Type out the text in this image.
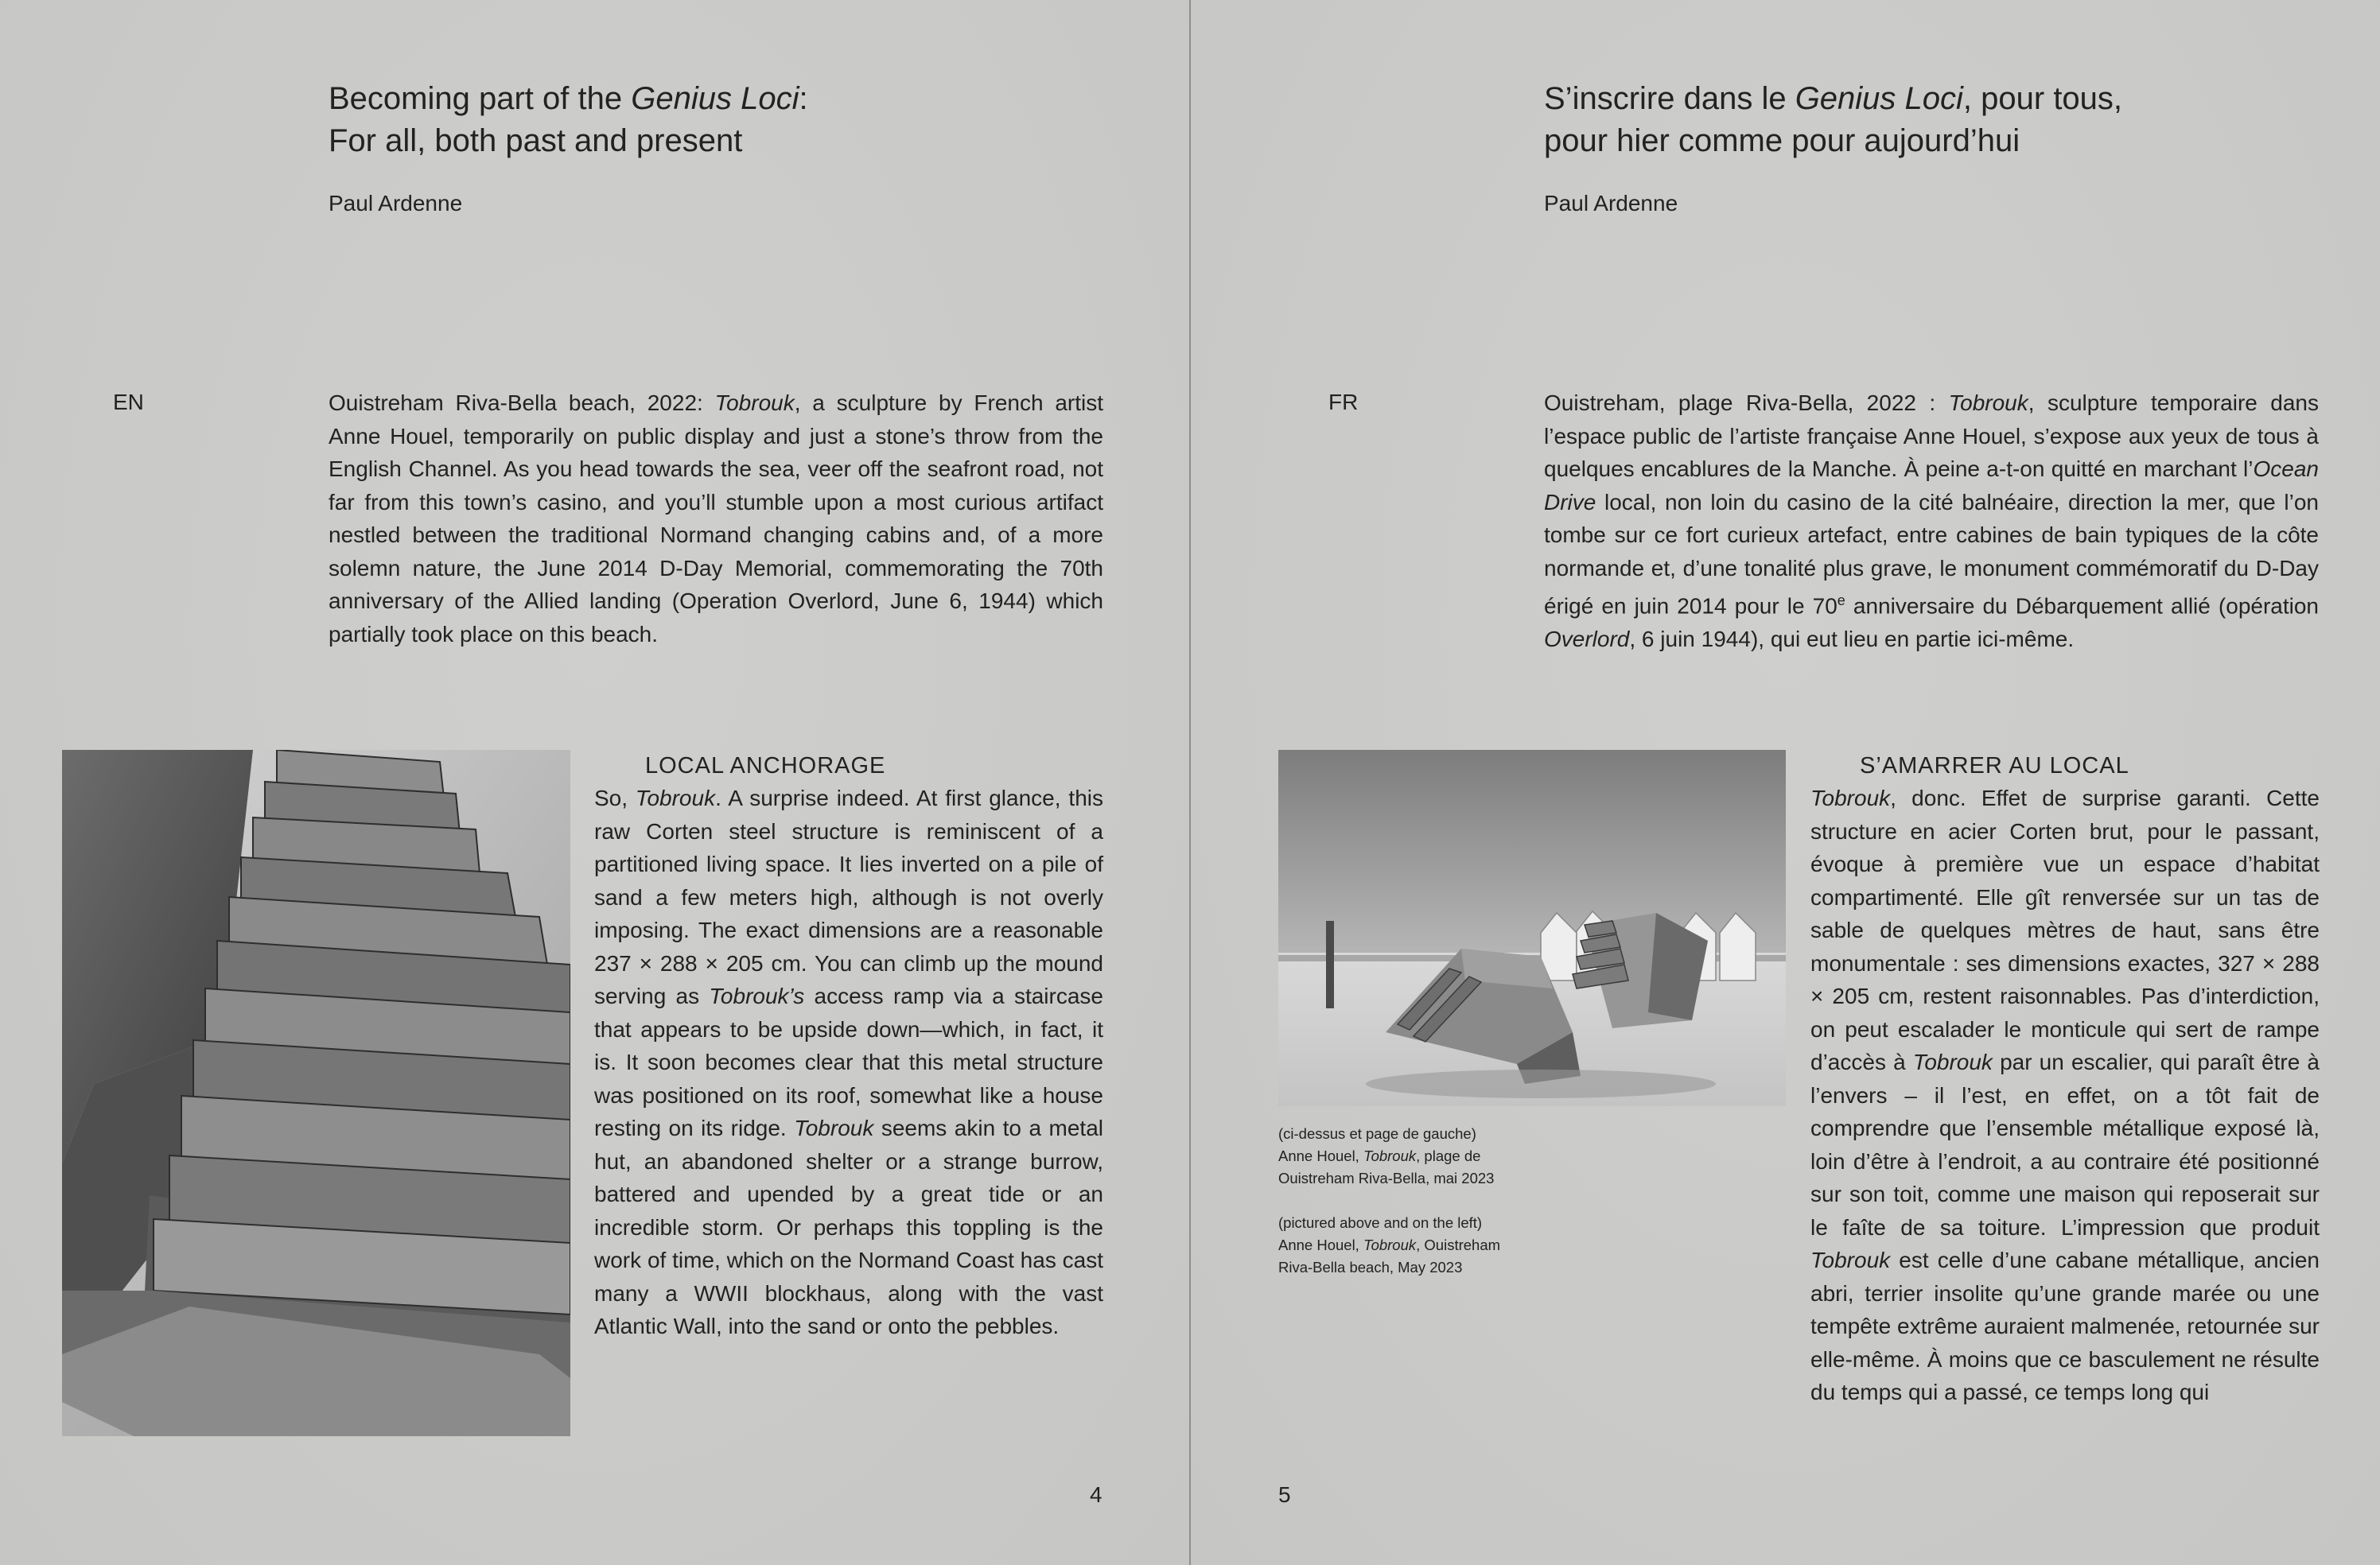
Becoming part of the Genius Loci:
For all, both past and present
Paul Ardenne
EN	Ouistreham Riva-Bella beach, 2022: Tobrouk, a sculpture by French artist Anne Houel, temporarily on public display and just a stone’s throw from the English Channel. As you head towards the sea, veer off the seafront road, not far from this town’s casino, and you’ll stumble upon a most curious artifact nestled between the traditional Normand changing cabins and, of a more solemn nature, the June 2014 D-Day Memorial, commemorating the 70th anniversary of the Allied landing (Operation Overlord, June 6, 1944) which partially took place on this beach.

LOCAL ANCHORAGE

So, Tobrouk. A surprise indeed. At first glance, this raw Corten steel structure is reminiscent of a partitioned living space. It lies inverted on a pile of sand a few meters high, although is not overly imposing. The exact dimensions are a reasonable 237 × 288 × 205 cm. You can climb up the mound serving as Tobrouk’s access ramp via a staircase that appears to be upside down—which, in fact, it is. It soon becomes clear that this metal structure was positioned on its roof, somewhat like a house resting on its ridge. Tobrouk seems akin to a metal hut, an abandoned shelter or a strange burrow, battered and upended by a great tide or an incredible storm. Or perhaps this toppling is the work of time, which on the Normand Coast has cast many a WWII blockhaus, along with the vast Atlantic Wall, into the sand or onto the pebbles.

4
S’inscrire dans le Genius Loci, pour tous,
pour hier comme pour aujourd’hui
Paul Ardenne
FR	Ouistreham, plage Riva-Bella, 2022 : Tobrouk, sculpture temporaire dans l’espace public de l’artiste française Anne Houel, s’expose aux yeux de tous à quelques encablures de la Manche. À peine a-t-on quitté en marchant l’Ocean Drive local, non loin du casino de la cité balnéaire, direction la mer, que l’on tombe sur ce fort curieux artefact, entre cabines de bain typiques de la côte normande et, d’une tonalité plus grave, le monument commémoratif du D-Day érigé en juin 2014 pour le 70e anniversaire du Débarquement allié (opération Overlord, 6 juin 1944), qui eut lieu en partie ici-même.

(ci-dessus et page de gauche)

Anne Houel, Tobrouk, plage de

Ouistreham Riva-Bella, mai 2023

(pictured above and on the left)

Anne Houel, Tobrouk, Ouistreham

Riva-Bella beach, May 2023

S’AMARRER AU LOCAL

Tobrouk, donc. Effet de surprise garanti. Cette structure en acier Corten brut, pour le passant, évoque à première vue un espace d’habitat compartimenté. Elle gît renversée sur un tas de sable de quelques mètres de haut, sans être monumentale : ses dimensions exactes, 327 × 288 × 205 cm, restent raisonnables. Pas d’interdiction, on peut escalader le monticule qui sert de rampe d’accès à Tobrouk par un escalier, qui paraît être à l’envers – il l’est, en effet, on a tôt fait de comprendre que l’ensemble métallique exposé là, loin d’être à l’endroit, a au contraire été positionné sur son toit, comme une maison qui reposerait sur le faîte de sa toiture. L’impression que produit Tobrouk est celle d’une cabane métallique, ancien abri, terrier insolite qu’une grande marée ou une tempête extrême auraient malmenée, retournée sur elle-même. À moins que ce basculement ne résulte du temps qui a passé, ce temps long qui

5
